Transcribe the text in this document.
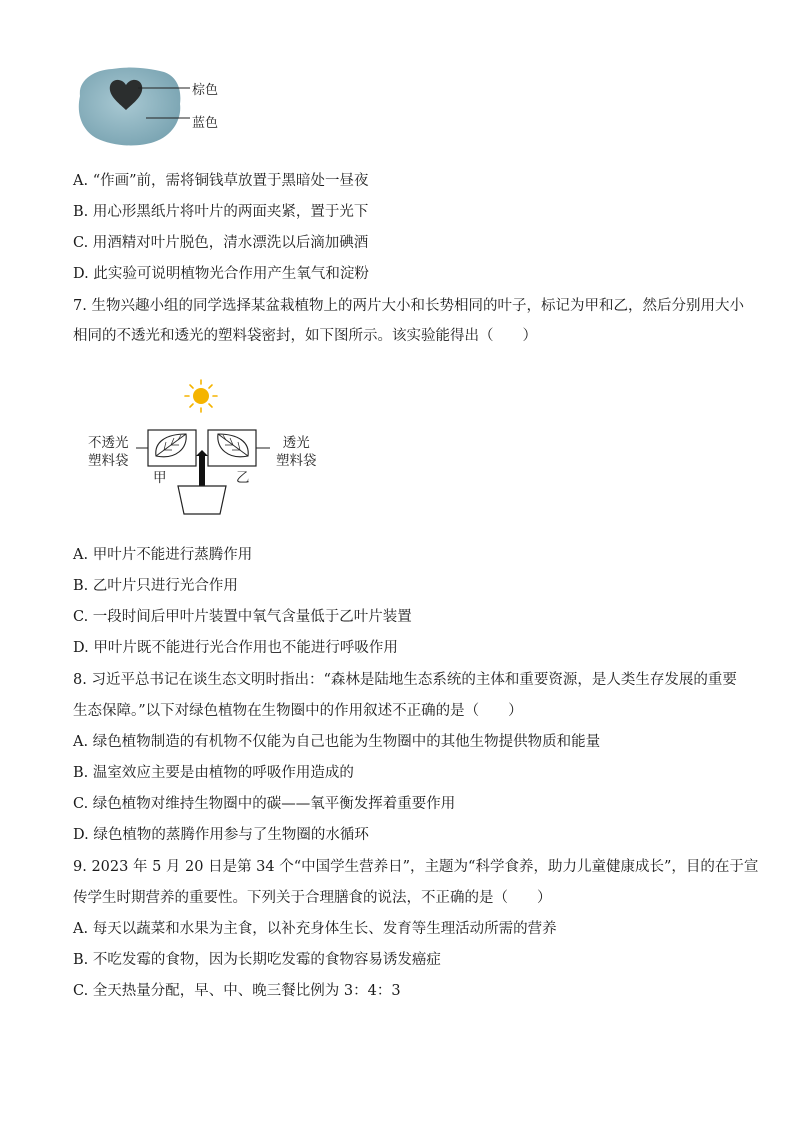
棕色
蓝色
A. “作画”前，需将铜钱草放置于黑暗处一昼夜
B. 用心形黑纸片将叶片的两面夹紧，置于光下
C. 用酒精对叶片脱色，清水漂洗以后滴加碘酒
D. 此实验可说明植物光合作用产生氧气和淀粉
7. 生物兴趣小组的同学选择某盆栽植物上的两片大小和长势相同的叶子，标记为甲和乙，然后分别用大小
相同的不透光和透光的塑料袋密封，如下图所示。该实验能得出（　　）
不透光
塑料袋
透光
塑料袋
甲	乙
A. 甲叶片不能进行蒸腾作用
B. 乙叶片只进行光合作用
C. 一段时间后甲叶片装置中氧气含量低于乙叶片装置
D. 甲叶片既不能进行光合作用也不能进行呼吸作用
8. 习近平总书记在谈生态文明时指出：“森林是陆地生态系统的主体和重要资源，是人类生存发展的重要
生态保障。”以下对绿色植物在生物圈中的作用叙述不正确的是（　　）
A. 绿色植物制造的有机物不仅能为自己也能为生物圈中的其他生物提供物质和能量
B. 温室效应主要是由植物的呼吸作用造成的
C. 绿色植物对维持生物圈中的碳——氧平衡发挥着重要作用
D. 绿色植物的蒸腾作用参与了生物圈的水循环
9. 2023 年 5 月 20 日是第 34 个“中国学生营养日”，主题为“科学食养，助力儿童健康成长”，目的在于宣
传学生时期营养的重要性。下列关于合理膳食的说法，不正确的是（　　）
A. 每天以蔬菜和水果为主食，以补充身体生长、发育等生理活动所需的营养
B. 不吃发霉的食物，因为长期吃发霉的食物容易诱发癌症
C. 全天热量分配，早、中、晚三餐比例为 3：4：3
